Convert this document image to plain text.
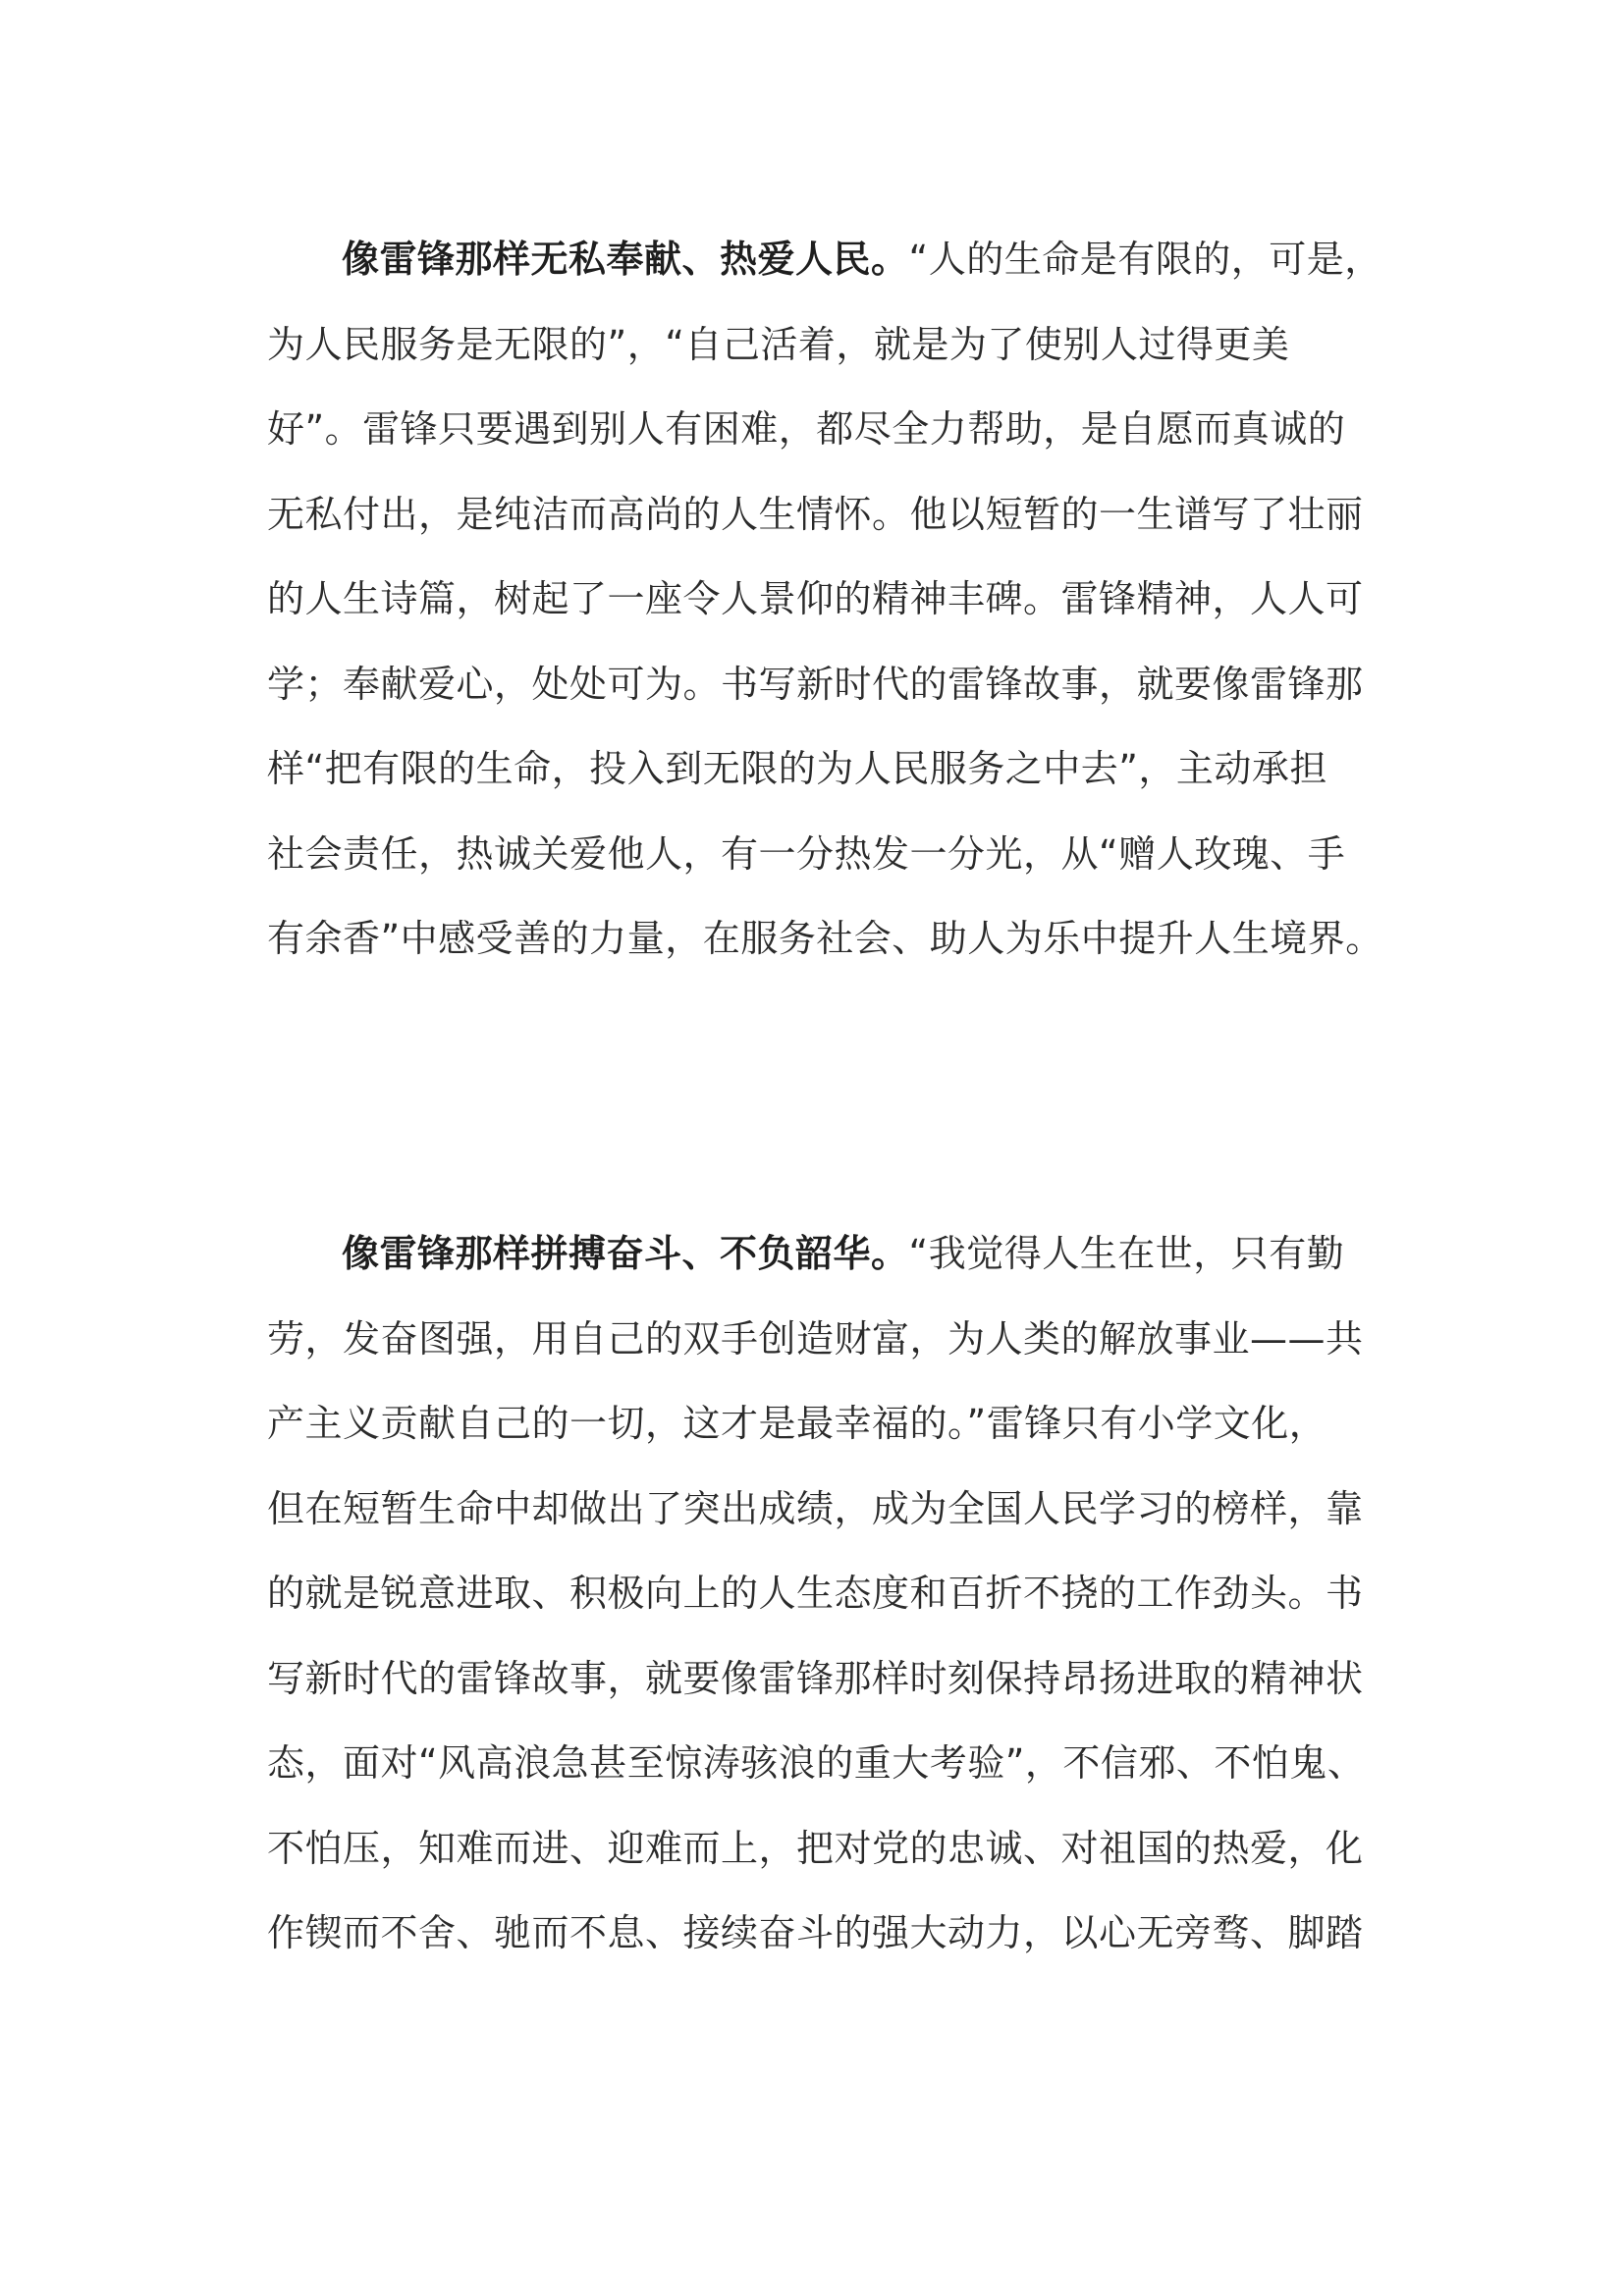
像雷锋那样无私奉献、热爱人民。“人的生命是有限的，可是，
为人民服务是无限的”，“自己活着，就是为了使别人过得更美
好”。雷锋只要遇到别人有困难，都尽全力帮助，是自愿而真诚的
无私付出，是纯洁而高尚的人生情怀。他以短暂的一生谱写了壮丽
的人生诗篇，树起了一座令人景仰的精神丰碑。雷锋精神，人人可
学；奉献爱心，处处可为。书写新时代的雷锋故事，就要像雷锋那
样“把有限的生命，投入到无限的为人民服务之中去”，主动承担
社会责任，热诚关爱他人，有一分热发一分光，从“赠人玫瑰、手
有余香”中感受善的力量，在服务社会、助人为乐中提升人生境界。
像雷锋那样拼搏奋斗、不负韶华。“我觉得人生在世，只有勤
劳，发奋图强，用自己的双手创造财富，为人类的解放事业——共
产主义贡献自己的一切，这才是最幸福的。”雷锋只有小学文化，
但在短暂生命中却做出了突出成绩，成为全国人民学习的榜样，靠
的就是锐意进取、积极向上的人生态度和百折不挠的工作劲头。书
写新时代的雷锋故事，就要像雷锋那样时刻保持昂扬进取的精神状
态，面对“风高浪急甚至惊涛骇浪的重大考验”，不信邪、不怕鬼、
不怕压，知难而进、迎难而上，把对党的忠诚、对祖国的热爱，化
作锲而不舍、驰而不息、接续奋斗的强大动力，以心无旁骛、脚踏
